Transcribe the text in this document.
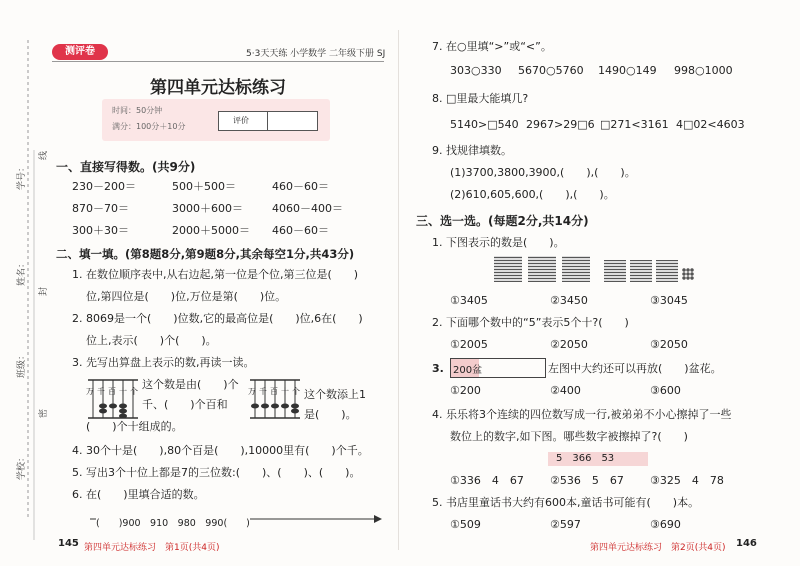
学号：
姓名：
班级：
学校：
线
封
密
测评卷	5·3天天练 小学数学 二年级下册 SJ
第四单元达标练习
时间：50分钟
满分：100分＋10分
评价
一、直接写得数。(共9分)
230－200＝	500＋500＝	460－60＝
870－70＝	3000＋600＝	4060－400＝
300＋30＝	2000＋5000＝ 460－60＝
二、填一填。(第8题8分,第9题8分,其余每空1分,共43分)
1. 在数位顺序表中,从右边起,第一位是个位,第三位是(　　)
位,第四位是(　　)位,万位是第(　　)位。
2. 8069是一个(　　)位数,它的最高位是(　　)位,6在(　　)
位上,表示(　　)个(　　)。
3. 先写出算盘上表示的数,再读一读。
万千百十个
这个数是由(　　)个
千、(　　)个百和
(　　)个十组成的。
万千百十个 这个数添上1
是(　　)。
4. 30个十是(　　),80个百是(　　),10000里有(　　)个千。
5. 写出3个十位上都是7的三位数:(　　)、(　　)、(　　)。
6. 在(　　)里填合适的数。
(　　)900　910　980　990(　　)
145 第四单元达标练习　第1页(共4页)
7. 在○里填“>”或“<”。
303○330 5670○5760 1490○149 998○1000
8. □里最大能填几?
5140>□540 2967>29□6 □271<3161 4□02<4603
9. 找规律填数。
(1)3700,3800,3900,(　　),(　　)。
(2)610,605,600,(　　),(　　)。
三、选一选。(每题2分,共14分)
1. 下图表示的数是(　　)。
①3405	②3450	③3045
2. 下面哪个数中的“5”表示5个十?(　　)
①2005	②2050	③2050
3. 200盆	左图中大约还可以再放(　　)盆花。
①200	②400	③600
4. 乐乐将3个连续的四位数写成一行,被弟弟不小心擦掉了一些
数位上的数字,如下图。哪些数字被擦掉了?(　　)
5　366　53
①336　4　67 ②536　5　67 ③325　4　78
5. 书店里童话书大约有600本,童话书可能有(　　)本。
①509	②597	③690
第四单元达标练习　第2页(共4页) 146
